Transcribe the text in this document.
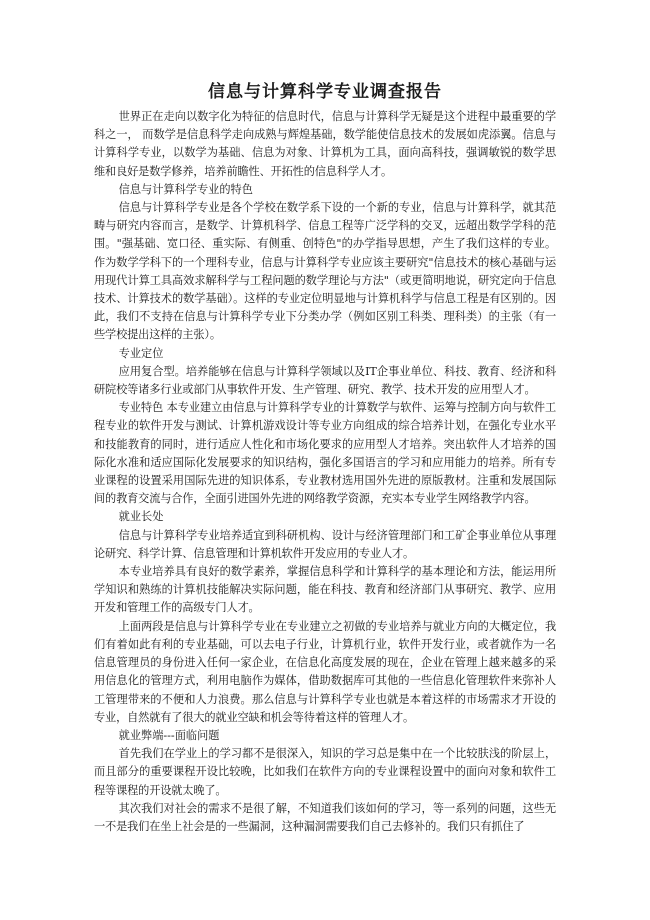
信息与计算科学专业调查报告

世界正在走向以数字化为特征的信息时代，信息与计算科学无疑是这个进程中最重要的学科之一， 而数学是信息科学走向成熟与辉煌基础，数学能使信息技术的发展如虎添翼。信息与计算科学专业，以数学为基础、信息为对象、计算机为工具，面向高科技，强调敏锐的数学思维和良好是数学修养，培养前瞻性、开拓性的信息科学人才。

信息与计算科学专业的特色

信息与计算科学专业是各个学校在数学系下设的一个新的专业，信息与计算科学，就其范畴与研究内容而言，是数学、计算机科学、信息工程等广泛学科的交叉，远超出数学学科的范围。"强基础、宽口径、重实际、有侧重、创特色"的办学指导思想，产生了我们这样的专业。作为数学学科下的一个理科专业，信息与计算科学专业应该主要研究"信息技术的核心基础与运用现代计算工具高效求解科学与工程问题的数学理论与方法"（或更简明地说，研究定向于信息技术、计算技术的数学基础）。这样的专业定位明显地与计算机科学与信息工程是有区别的。因此，我们不支持在信息与计算科学专业下分类办学（例如区别工科类、理科类）的主张（有一些学校提出这样的主张）。

专业定位

应用复合型。培养能够在信息与计算科学领域以及IT企事业单位、科技、教育、经济和科研院校等诸多行业或部门从事软件开发、生产管理、研究、教学、技术开发的应用型人才。

专业特色 本专业建立由信息与计算科学专业的计算数学与软件、运筹与控制方向与软件工程专业的软件开发与测试、计算机游戏设计等专业方向组成的综合培养计划，在强化专业水平和技能教育的同时，进行适应人性化和市场化要求的应用型人才培养。突出软件人才培养的国际化水准和适应国际化发展要求的知识结构，强化多国语言的学习和应用能力的培养。所有专业课程的设置采用国际先进的知识体系，专业教材选用国外先进的原版教材。注重和发展国际间的教育交流与合作，全面引进国外先进的网络教学资源，充实本专业学生网络教学内容。

就业长处

信息与计算科学专业培养适宜到科研机构、设计与经济管理部门和工矿企事业单位从事理论研究、科学计算、信息管理和计算机软件开发应用的专业人才。

本专业培养具有良好的数学素养，掌握信息科学和计算科学的基本理论和方法，能运用所学知识和熟练的计算机技能解决实际问题，能在科技、教育和经济部门从事研究、教学、应用开发和管理工作的高级专门人才。

上面两段是信息与计算科学专业在专业建立之初做的专业培养与就业方向的大概定位，我们有着如此有利的专业基础，可以去电子行业，计算机行业，软件开发行业，或者就作为一名信息管理员的身份进入任何一家企业，在信息化高度发展的现在，企业在管理上越来越多的采用信息化的管理方式，利用电脑作为媒体，借助数据库可其他的一些信息化管理软件来弥补人工管理带来的不便和人力浪费。那么信息与计算科学专业也就是本着这样的市场需求才开设的专业，自然就有了很大的就业空缺和机会等待着这样的管理人才。

就业弊端---面临问题

首先我们在学业上的学习都不是很深入，知识的学习总是集中在一个比较肤浅的阶层上，而且部分的重要课程开设比较晚，比如我们在软件方向的专业课程设置中的面向对象和软件工程等课程的开设就太晚了。

其次我们对社会的需求不是很了解，不知道我们该如何的学习，等一系列的问题，这些无一不是我们在坐上社会是的一些漏洞，这种漏洞需要我们自己去修补的。我们只有抓住了
